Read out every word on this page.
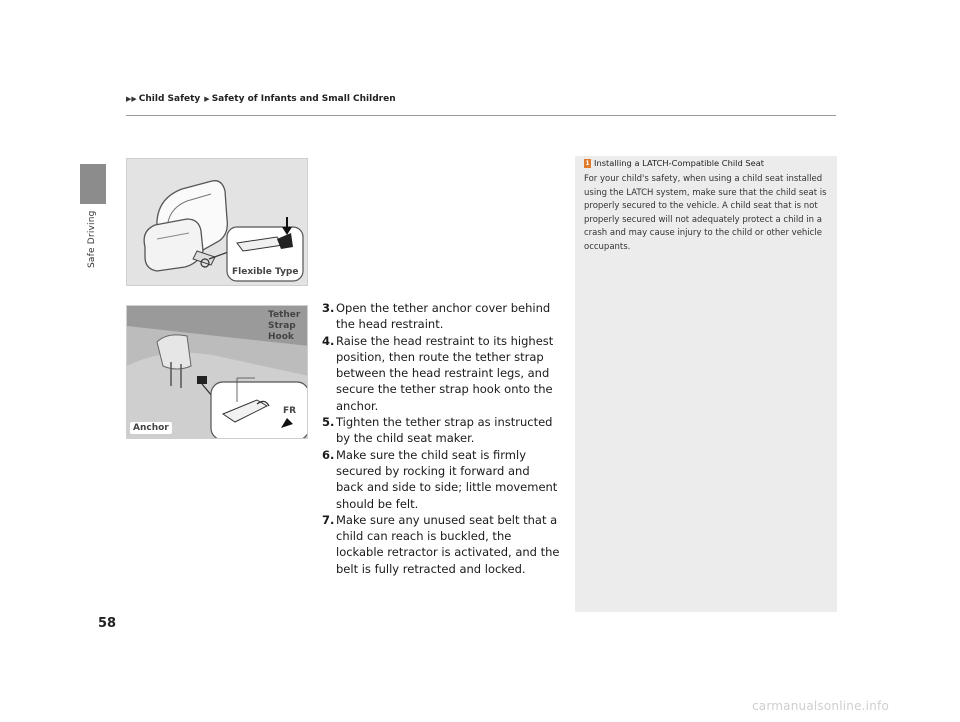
▶▶ Child Safety ▶ Safety of Infants and Small Children
Safe Driving
Flexible Type
Tether
Strap
Hook
FR
Anchor
3. Open the tether anchor cover behind the head restraint.
4. Raise the head restraint to its highest position, then route the tether strap between the head restraint legs, and secure the tether strap hook onto the anchor.
5. Tighten the tether strap as instructed by the child seat maker.
6. Make sure the child seat is firmly secured by rocking it forward and back and side to side; little movement should be felt.
7. Make sure any unused seat belt that a child can reach is buckled, the lockable retractor is activated, and the belt is fully retracted and locked.
1 Installing a LATCH-Compatible Child Seat

For your child's safety, when using a child seat installed using the LATCH system, make sure that the child seat is properly secured to the vehicle. A child seat that is not properly secured will not adequately protect a child in a crash and may cause injury to the child or other vehicle occupants.

58
carmanualsonline.info
